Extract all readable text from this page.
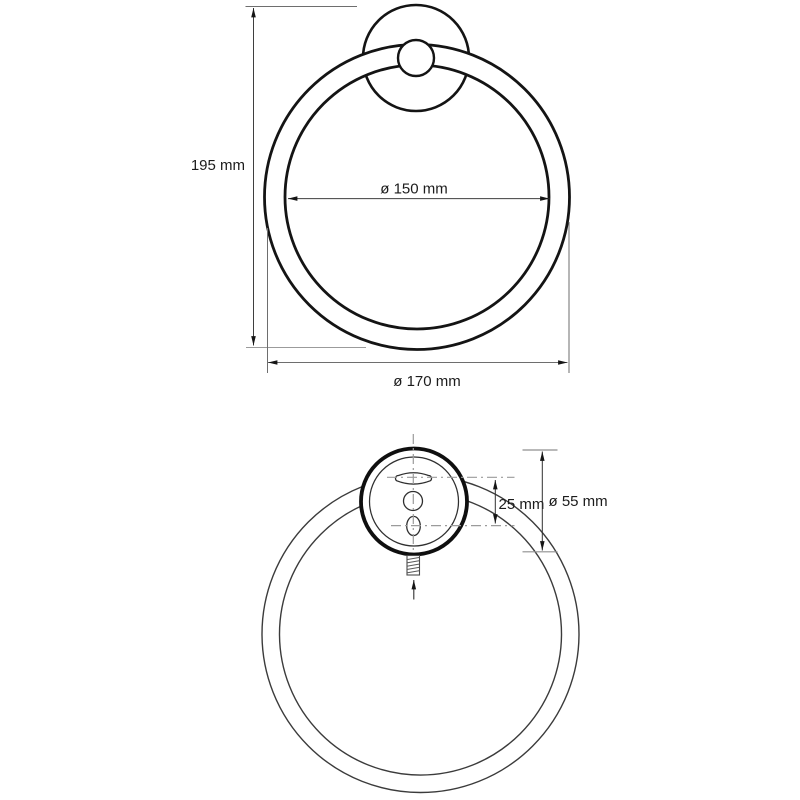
195 mm
ø 150 mm
ø 170 mm
25 mm ø 55 mm
